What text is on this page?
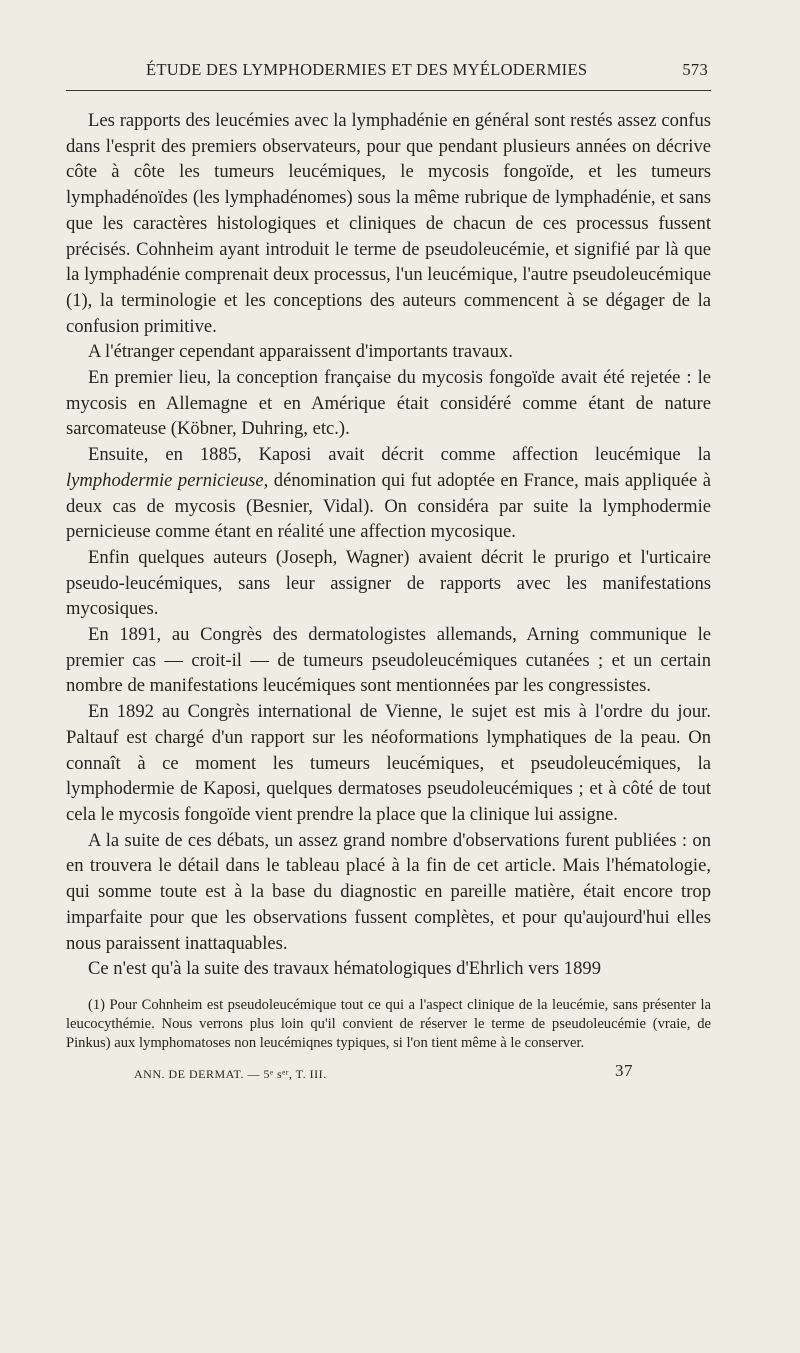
ÉTUDE DES LYMPHODERMIES ET DES MYÉLODERMIES	573

Les rapports des leucémies avec la lymphadénie en général sont restés assez confus dans l'esprit des premiers observateurs, pour que pendant plusieurs années on décrive côte à côte les tumeurs leucémiques, le mycosis fongoïde, et les tumeurs lymphadénoïdes (les lymphadénomes) sous la même rubrique de lymphadénie, et sans que les caractères histologiques et cliniques de chacun de ces processus fussent précisés. Cohnheim ayant introduit le terme de pseudoleucémie, et signifié par là que la lymphadénie comprenait deux processus, l'un leucémique, l'autre pseudoleucémique (1), la terminologie et les conceptions des auteurs commencent à se dégager de la confusion primitive.

A l'étranger cependant apparaissent d'importants travaux.

En premier lieu, la conception française du mycosis fongoïde avait été rejetée : le mycosis en Allemagne et en Amérique était considéré comme étant de nature sarcomateuse (Köbner, Duhring, etc.).

Ensuite, en 1885, Kaposi avait décrit comme affection leucémique la lymphodermie pernicieuse, dénomination qui fut adoptée en France, mais appliquée à deux cas de mycosis (Besnier, Vidal). On considéra par suite la lymphodermie pernicieuse comme étant en réalité une affection mycosique.

Enfin quelques auteurs (Joseph, Wagner) avaient décrit le prurigo et l'urticaire pseudo-leucémiques, sans leur assigner de rapports avec les manifestations mycosiques.

En 1891, au Congrès des dermatologistes allemands, Arning communique le premier cas — croit-il — de tumeurs pseudoleucémiques cutanées ; et un certain nombre de manifestations leucémiques sont mentionnées par les congressistes.

En 1892 au Congrès international de Vienne, le sujet est mis à l'ordre du jour. Paltauf est chargé d'un rapport sur les néoformations lymphatiques de la peau. On connaît à ce moment les tumeurs leucémiques, et pseudoleucémiques, la lymphodermie de Kaposi, quelques dermatoses pseudoleucémiques ; et à côté de tout cela le mycosis fongoïde vient prendre la place que la clinique lui assigne.

A la suite de ces débats, un assez grand nombre d'observations furent publiées : on en trouvera le détail dans le tableau placé à la fin de cet article. Mais l'hématologie, qui somme toute est à la base du diagnostic en pareille matière, était encore trop imparfaite pour que les observations fussent complètes, et pour qu'aujourd'hui elles nous paraissent inattaquables.

Ce n'est qu'à la suite des travaux hématologiques d'Ehrlich vers 1899

(1) Pour Cohnheim est pseudoleucémique tout ce qui a l'aspect clinique de la leucémie, sans présenter la leucocythémie. Nous verrons plus loin qu'il convient de réserver le terme de pseudoleucémie (vraie, de Pinkus) aux lymphomatoses non leucémiqnes typiques, si l'on tient même à le conserver.

ANN. DE DERMAT. — 5ᵉ sᵉʳ, T. III.	37
